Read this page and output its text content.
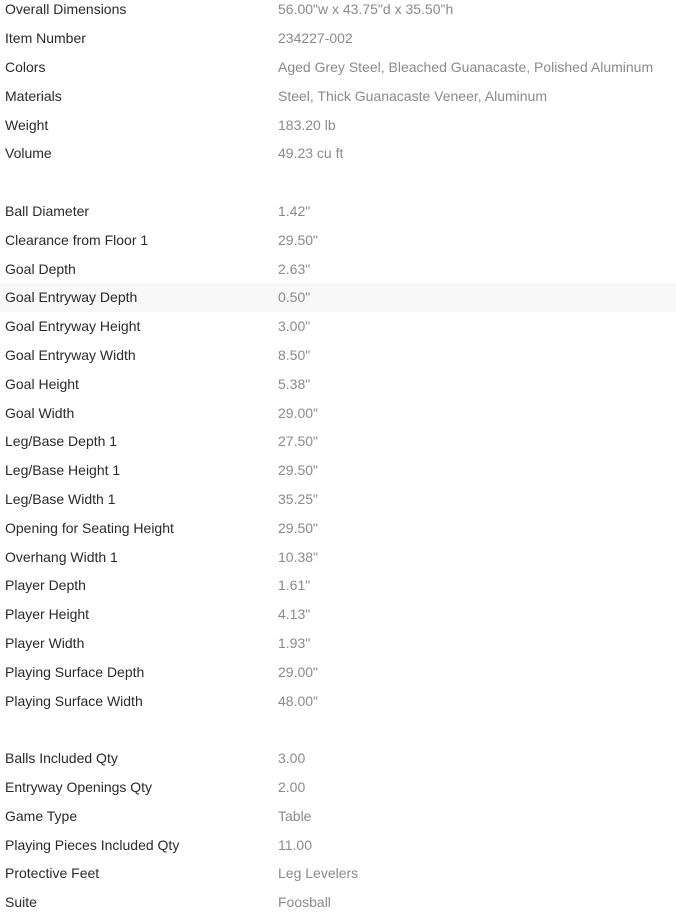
Overall Dimensions	56.00"w x 43.75"d x 35.50"h
Item Number	234227-002
Colors	Aged Grey Steel, Bleached Guanacaste, Polished Aluminum
Materials	Steel, Thick Guanacaste Veneer, Aluminum
Weight	183.20 lb
Volume	49.23 cu ft
Ball Diameter	1.42"
Clearance from Floor 1	29.50"
Goal Depth	2.63"
Goal Entryway Depth	0.50"
Goal Entryway Height	3.00"
Goal Entryway Width	8.50"
Goal Height	5.38"
Goal Width	29.00"
Leg/Base Depth 1	27.50"
Leg/Base Height 1	29.50"
Leg/Base Width 1	35.25"
Opening for Seating Height	29.50"
Overhang Width 1	10.38"
Player Depth	1.61"
Player Height	4.13"
Player Width	1.93"
Playing Surface Depth	29.00"
Playing Surface Width	48.00"
Balls Included Qty	3.00
Entryway Openings Qty	2.00
Game Type	Table
Playing Pieces Included Qty	11.00
Protective Feet	Leg Levelers
Suite	Foosball
